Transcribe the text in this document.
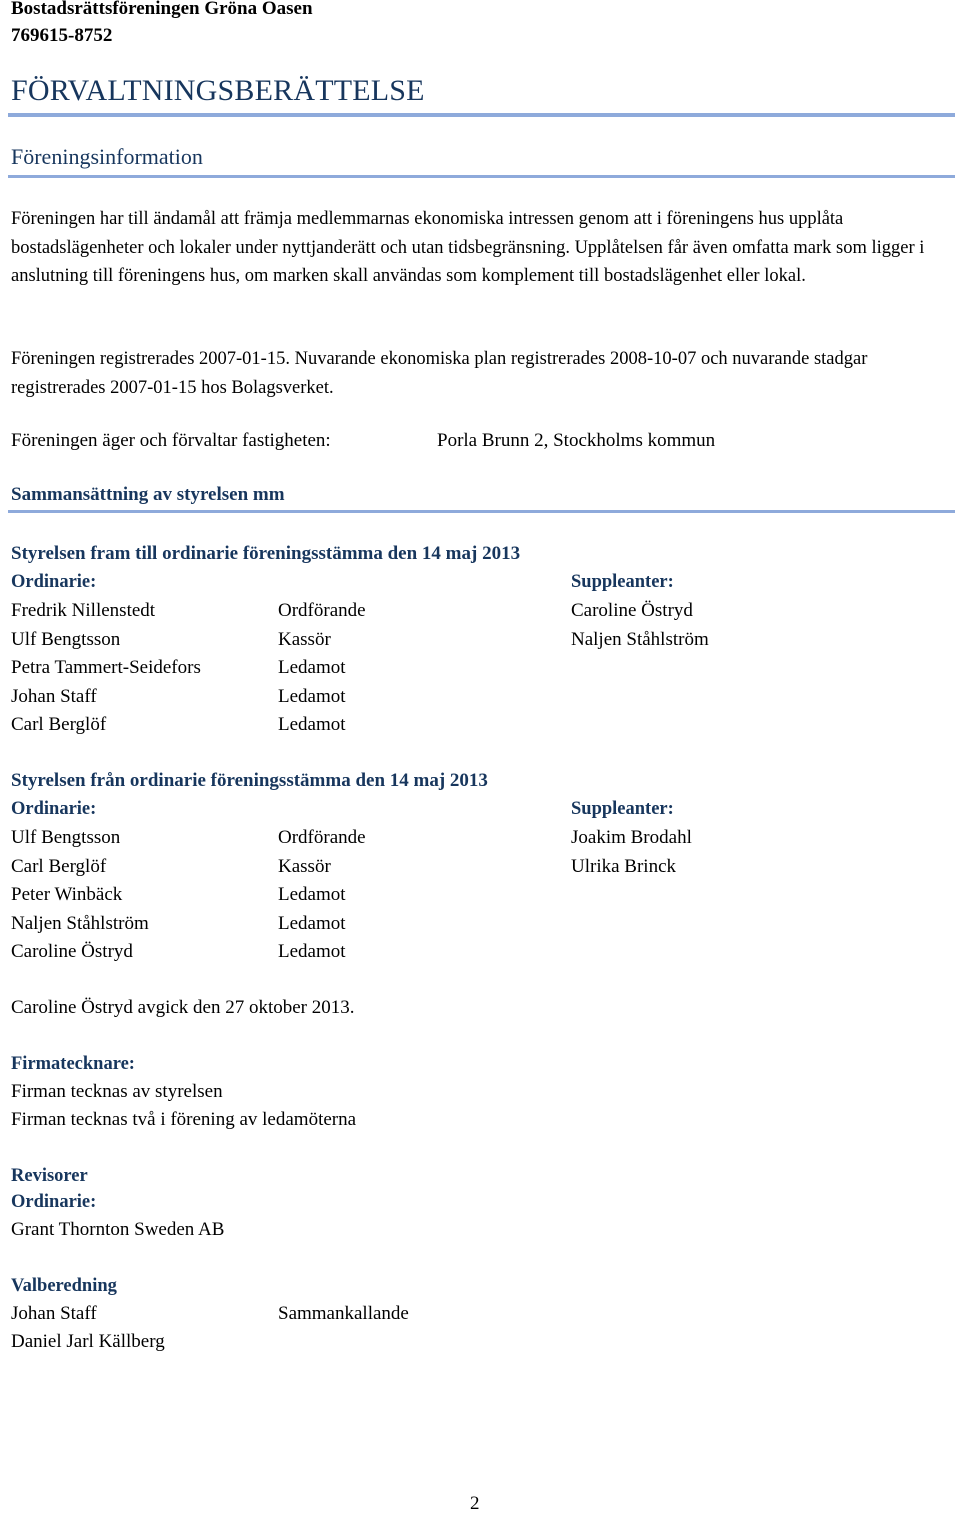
Bostadsrättsföreningen Gröna Oasen
769615-8752
FÖRVALTNINGSBERÄTTELSE
Föreningsinformation
Föreningen har till ändamål att främja medlemmarnas ekonomiska intressen genom att i föreningens hus upplåta bostadslägenheter och lokaler under nyttjanderätt och utan tidsbegränsning. Upplåtelsen får även omfatta mark som ligger i anslutning till föreningens hus, om marken skall användas som komplement till bostadslägenhet eller lokal.
Föreningen registrerades 2007-01-15. Nuvarande ekonomiska plan registrerades 2008-10-07 och nuvarande stadgar registrerades 2007-01-15 hos Bolagsverket.
Föreningen äger och förvaltar fastigheten:	Porla Brunn 2, Stockholms kommun
Sammansättning av styrelsen mm
Styrelsen fram till ordinarie föreningsstämma den 14 maj 2013
Ordinarie:	Suppleanter:
Fredrik Nillenstedt	Ordförande	Caroline Östryd
Ulf Bengtsson	Kassör	Naljen Ståhlström
Petra Tammert-Seidefors	Ledamot
Johan Staff	Ledamot
Carl Berglöf	Ledamot
Styrelsen från ordinarie föreningsstämma den 14 maj 2013
Ordinarie:	Suppleanter:
Ulf Bengtsson	Ordförande	Joakim Brodahl
Carl Berglöf	Kassör	Ulrika Brinck
Peter Winbäck	Ledamot
Naljen Ståhlström	Ledamot
Caroline Östryd	Ledamot
Caroline Östryd avgick den 27 oktober 2013.
Firmatecknare:
Firman tecknas av styrelsen
Firman tecknas två i förening av ledamöterna
Revisorer
Ordinarie:
Grant Thornton Sweden AB
Valberedning
Johan Staff	Sammankallande
Daniel Jarl Källberg
2
